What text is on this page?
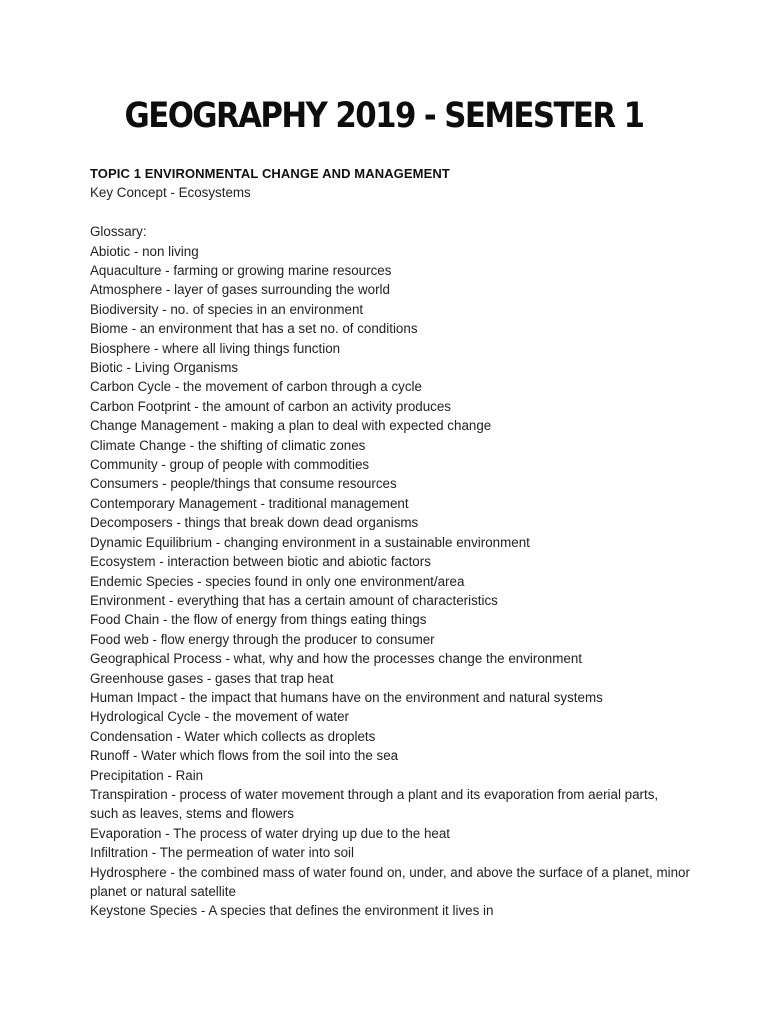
GEOGRAPHY 2019 - SEMESTER 1
TOPIC 1 ENVIRONMENTAL CHANGE AND MANAGEMENT
Key Concept - Ecosystems
Glossary:
Abiotic - non living
Aquaculture - farming or growing marine resources
Atmosphere - layer of gases surrounding the world
Biodiversity - no. of species in an environment
Biome - an environment that has a set no. of conditions
Biosphere - where all living things function
Biotic - Living Organisms
Carbon Cycle - the movement of carbon through a cycle
Carbon Footprint - the amount of carbon an activity produces
Change Management - making a plan to deal with expected change
Climate Change - the shifting of climatic zones
Community - group of people with commodities
Consumers - people/things that consume resources
Contemporary Management - traditional management
Decomposers - things that break down dead organisms
Dynamic Equilibrium - changing environment in a sustainable environment
Ecosystem - interaction between biotic and abiotic factors
Endemic Species - species found in only one environment/area
Environment - everything that has a certain amount of characteristics
Food Chain - the flow of energy from things eating things
Food web - flow energy through the producer to consumer
Geographical Process - what, why and how the processes change the environment
Greenhouse gases - gases that trap heat
Human Impact - the impact that humans have on the environment and natural systems
Hydrological Cycle - the movement of water
Condensation - Water which collects as droplets
Runoff - Water which flows from the soil into the sea
Precipitation - Rain
Transpiration - process of water movement through a plant and its evaporation from aerial parts, such as leaves, stems and flowers
Evaporation - The process of water drying up due to the heat
Infiltration - The permeation of water into soil
Hydrosphere - the combined mass of water found on, under, and above the surface of a planet, minor planet or natural satellite
Keystone Species - A species that defines the environment it lives in
